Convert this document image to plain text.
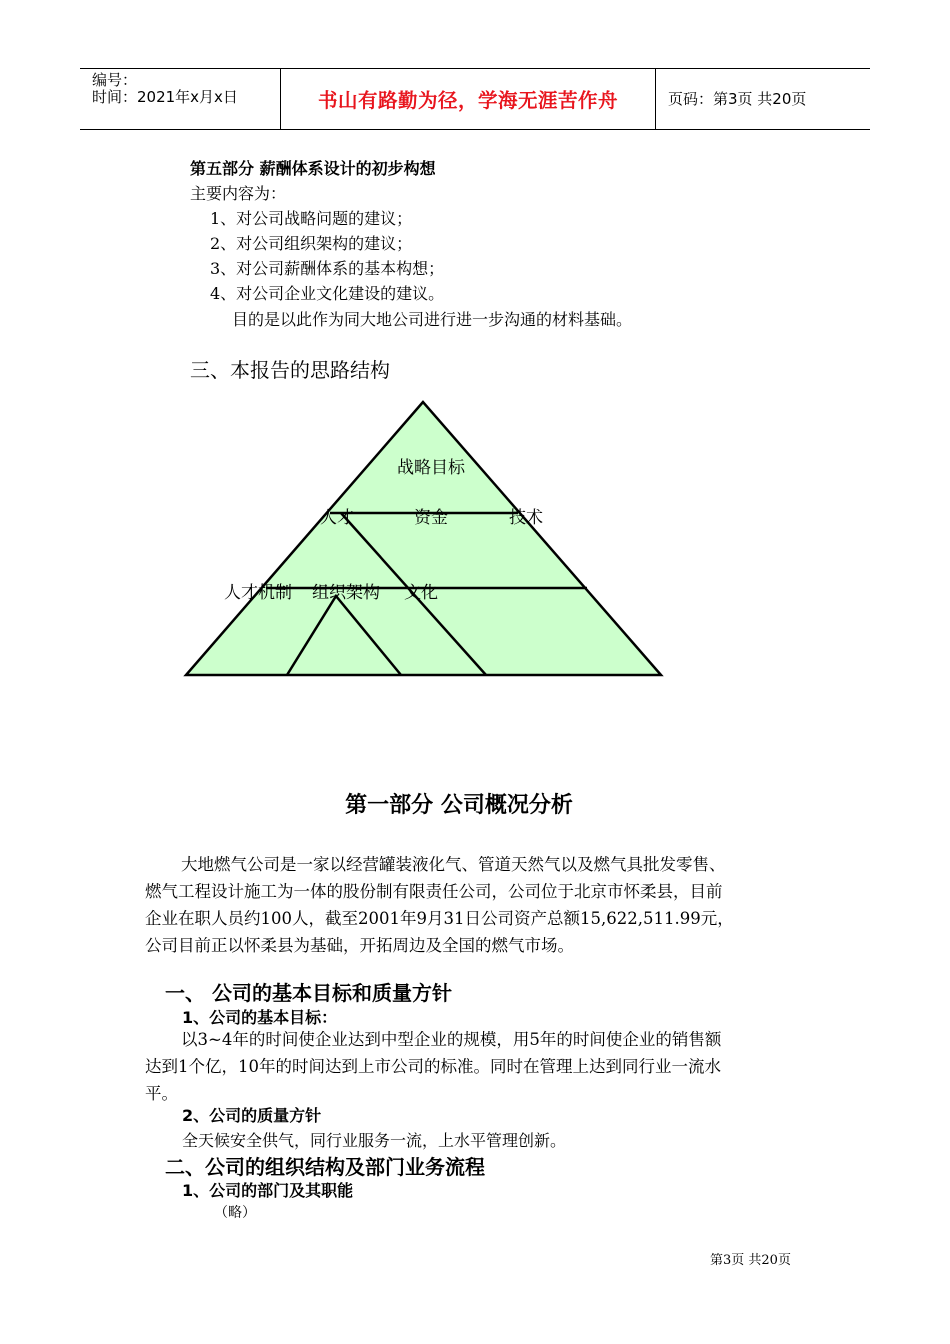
编号：
时间：2021年x月x日	书山有路勤为径，学海无涯苦作舟	页码：第3页 共20页
第五部分 薪酬体系设计的初步构想
主要内容为：
1、对公司战略问题的建议；
2、对公司组织架构的建议；
3、对公司薪酬体系的基本构想；
4、对公司企业文化建设的建议。
目的是以此作为同大地公司进行进一步沟通的材料基础。
三、本报告的思路结构
战略目标
人才	资金	技术
人才机制 组织架构 文化
第一部分 公司概况分析
大地燃气公司是一家以经营罐装液化气、管道天然气以及燃气具批发零售、
燃气工程设计施工为一体的股份制有限责任公司，公司位于北京市怀柔县，目前
企业在职人员约100人，截至2001年9月31日公司资产总额15,622,511.99元，
公司目前正以怀柔县为基础，开拓周边及全国的燃气市场。
一、 公司的基本目标和质量方针
1、公司的基本目标：
以3~4年的时间使企业达到中型企业的规模，用5年的时间使企业的销售额
达到1个亿，10年的时间达到上市公司的标准。同时在管理上达到同行业一流水
平。
2、公司的质量方针
全天候安全供气，同行业服务一流，上水平管理创新。
二、公司的组织结构及部门业务流程
1、公司的部门及其职能
（略）
第3页 共20页
